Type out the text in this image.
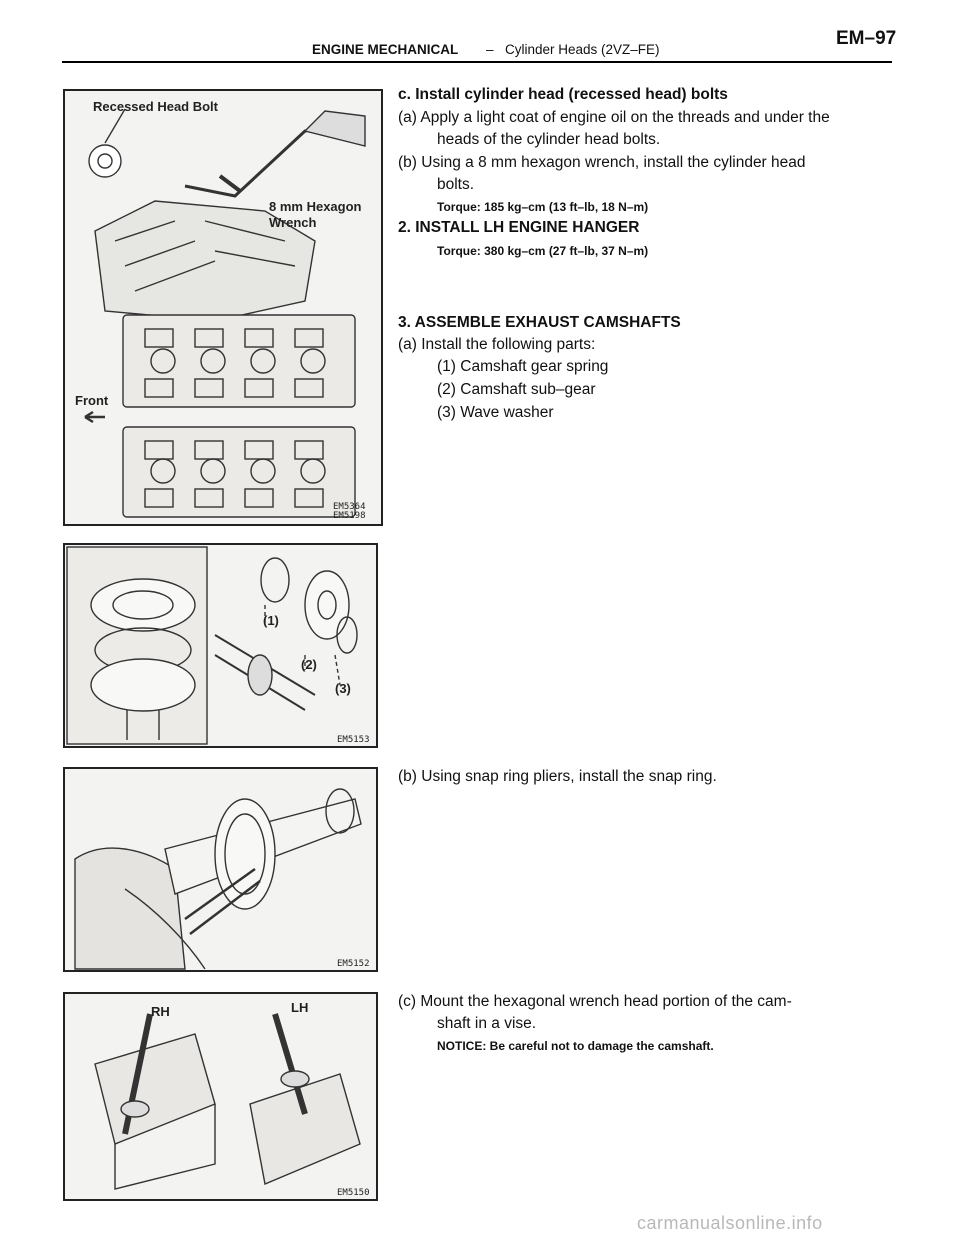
ENGINE MECHANICAL – Cylinder Heads (2VZ–FE)
EM–97
Recessed Head Bolt
8 mm Hexagon
Wrench
Front
EM5364
EM5198
(1)
(2)
(3)
EM5153
EM5152
RH	LH
EM5150
c. Install cylinder head (recessed head) bolts
(a) Apply a light coat of engine oil on the threads and under the
heads of the cylinder head bolts.
(b) Using a 8 mm hexagon wrench, install the cylinder head
bolts.
Torque: 185 kg–cm (13 ft–lb, 18 N–m)
2. INSTALL LH ENGINE HANGER
Torque: 380 kg–cm (27 ft–lb, 37 N–m)
3. ASSEMBLE EXHAUST CAMSHAFTS
(a) Install the following parts:
(1) Camshaft gear spring
(2) Camshaft sub–gear
(3) Wave washer
(b) Using snap ring pliers, install the snap ring.
(c) Mount the hexagonal wrench head portion of the cam-
shaft in a vise.
NOTICE: Be careful not to damage the camshaft.
carmanualsonline.info
